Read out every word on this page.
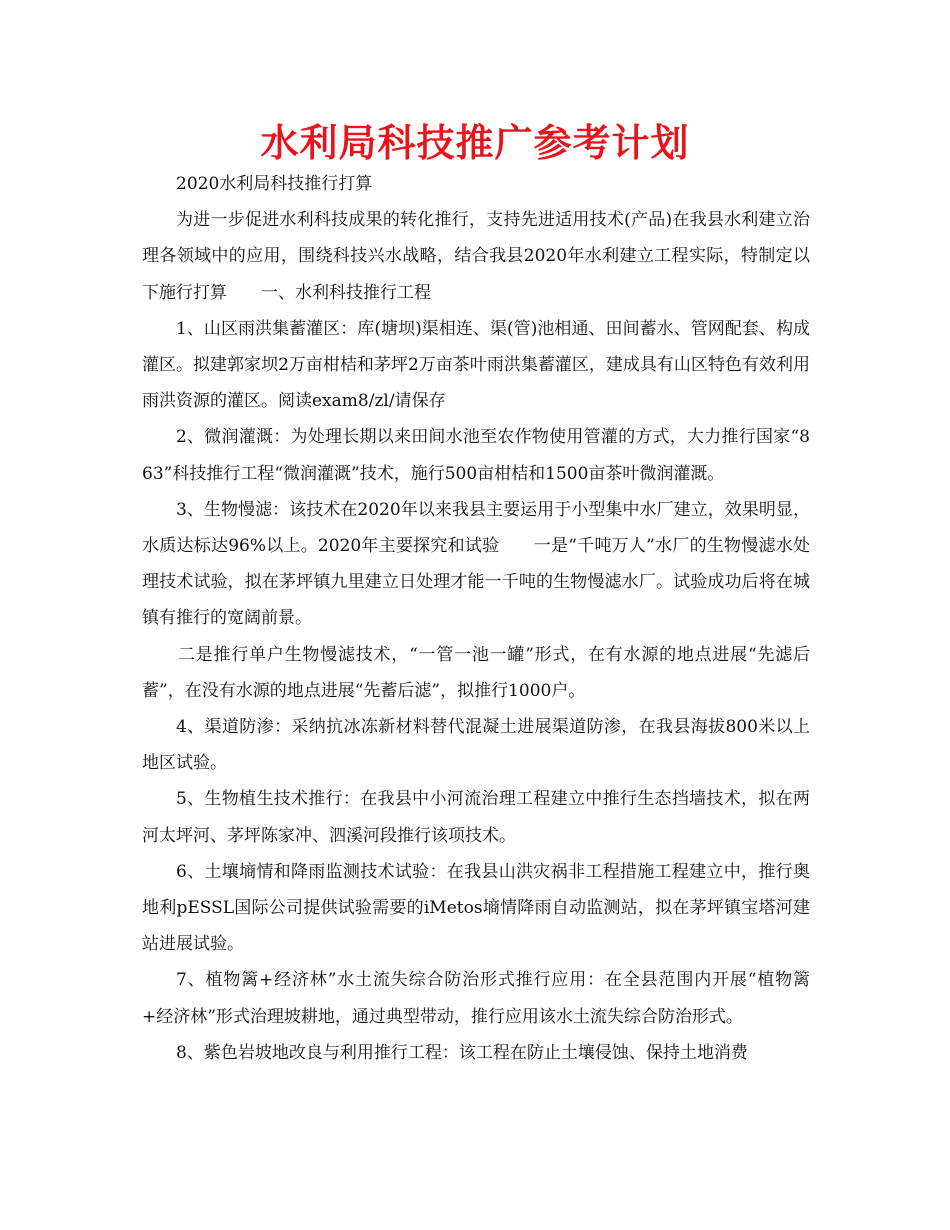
水利局科技推广参考计划

2020水利局科技推行打算

为进一步促进水利科技成果的转化推行，支持先进适用技术(产品)在我县水利建立治理各领域中的应用，围绕科技兴水战略，结合我县2020年水利建立工程实际，特制定以下施行打算　　一、水利科技推行工程

1、山区雨洪集蓄灌区：库(塘坝)渠相连、渠(管)池相通、田间蓄水、管网配套、构成灌区。拟建郭家坝2万亩柑桔和茅坪2万亩茶叶雨洪集蓄灌区，建成具有山区特色有效利用雨洪资源的灌区。阅读exam8/zl/请保存

2、微润灌溉：为处理长期以来田间水池至农作物使用管灌的方式，大力推行国家“863”科技推行工程“微润灌溉”技术，施行500亩柑桔和1500亩茶叶微润灌溉。

3、生物慢滤：该技术在2020年以来我县主要运用于小型集中水厂建立，效果明显，水质达标达96%以上。2020年主要探究和试验　　一是“千吨万人”水厂的生物慢滤水处理技术试验，拟在茅坪镇九里建立日处理才能一千吨的生物慢滤水厂。试验成功后将在城镇有推行的宽阔前景。

二是推行单户生物慢滤技术，“一管一池一罐”形式，在有水源的地点进展“先滤后蓄”，在没有水源的地点进展“先蓄后滤”，拟推行1000户。

4、渠道防渗：采纳抗冰冻新材料替代混凝土进展渠道防渗，在我县海拔800米以上地区试验。

5、生物植生技术推行：在我县中小河流治理工程建立中推行生态挡墙技术，拟在两河太坪河、茅坪陈家冲、泗溪河段推行该项技术。

6、土壤墒情和降雨监测技术试验：在我县山洪灾祸非工程措施工程建立中，推行奥地利pESSL国际公司提供试验需要的iMetos墒情降雨自动监测站，拟在茅坪镇宝塔河建站进展试验。

7、植物篱+经济林”水土流失综合防治形式推行应用：在全县范围内开展“植物篱+经济林”形式治理坡耕地，通过典型带动，推行应用该水土流失综合防治形式。

8、紫色岩坡地改良与利用推行工程：该工程在防止土壤侵蚀、保持土地消费
